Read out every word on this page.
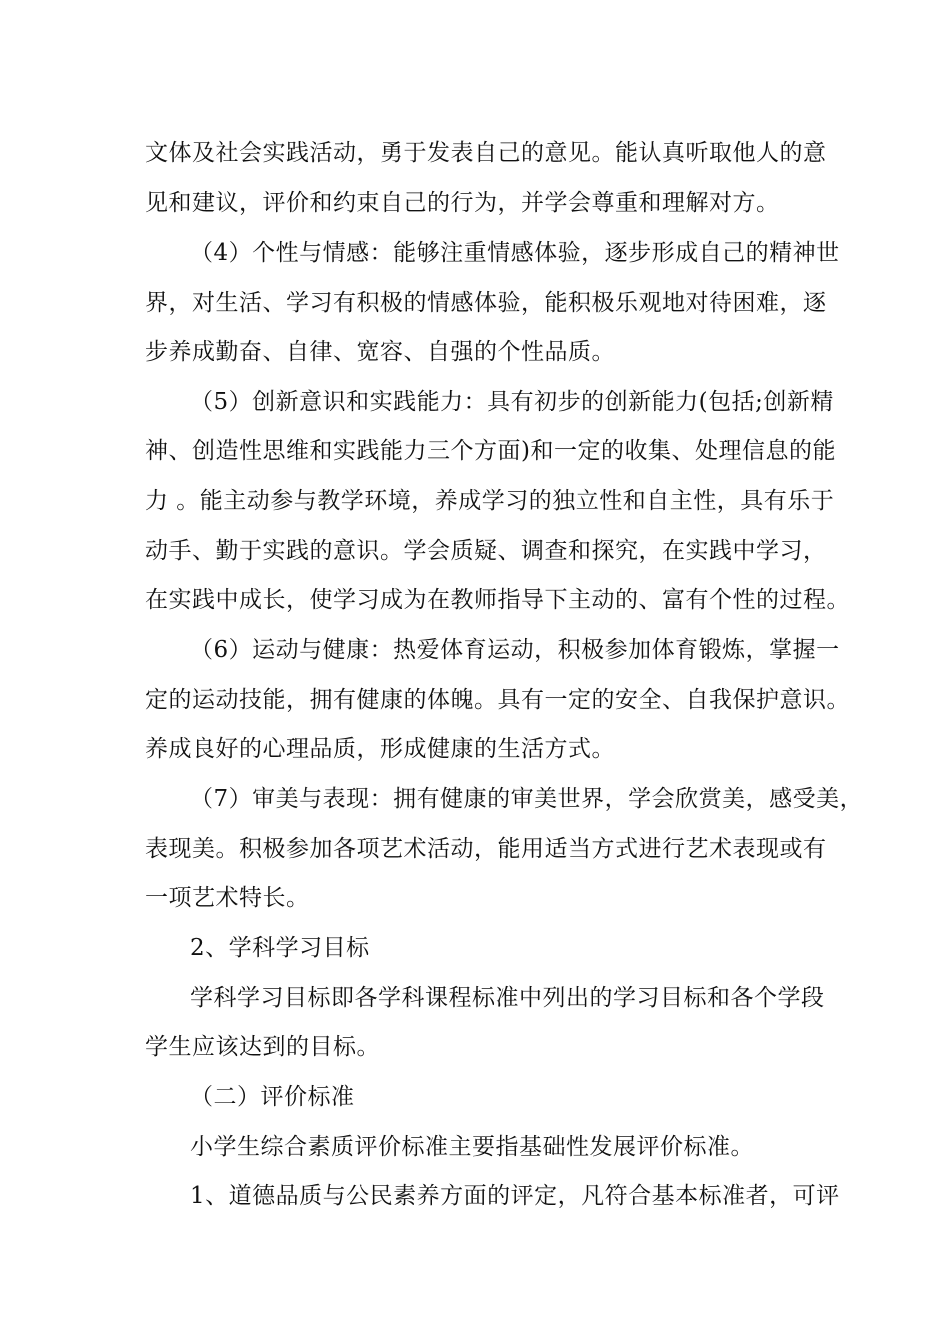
文体及社会实践活动，勇于发表自己的意见。能认真听取他人的意
见和建议，评价和约束自己的行为，并学会尊重和理解对方。
（4）个性与情感：能够注重情感体验，逐步形成自己的精神世
界，对生活、学习有积极的情感体验，能积极乐观地对待困难，逐
步养成勤奋、自律、宽容、自强的个性品质。
（5）创新意识和实践能力：具有初步的创新能力(包括;创新精
神、创造性思维和实践能力三个方面)和一定的收集、处理信息的能
力 。能主动参与教学环境，养成学习的独立性和自主性，具有乐于
动手、勤于实践的意识。学会质疑、调查和探究，在实践中学习，
在实践中成长，使学习成为在教师指导下主动的、富有个性的过程。
（6）运动与健康：热爱体育运动，积极参加体育锻炼，掌握一
定的运动技能，拥有健康的体魄。具有一定的安全、自我保护意识。
养成良好的心理品质，形成健康的生活方式。
（7）审美与表现：拥有健康的审美世界，学会欣赏美，感受美，
表现美。积极参加各项艺术活动，能用适当方式进行艺术表现或有
一项艺术特长。
2、学科学习目标
学科学习目标即各学科课程标准中列出的学习目标和各个学段
学生应该达到的目标。
（二）评价标准
小学生综合素质评价标准主要指基础性发展评价标准。
1、道德品质与公民素养方面的评定，凡符合基本标准者，可评
